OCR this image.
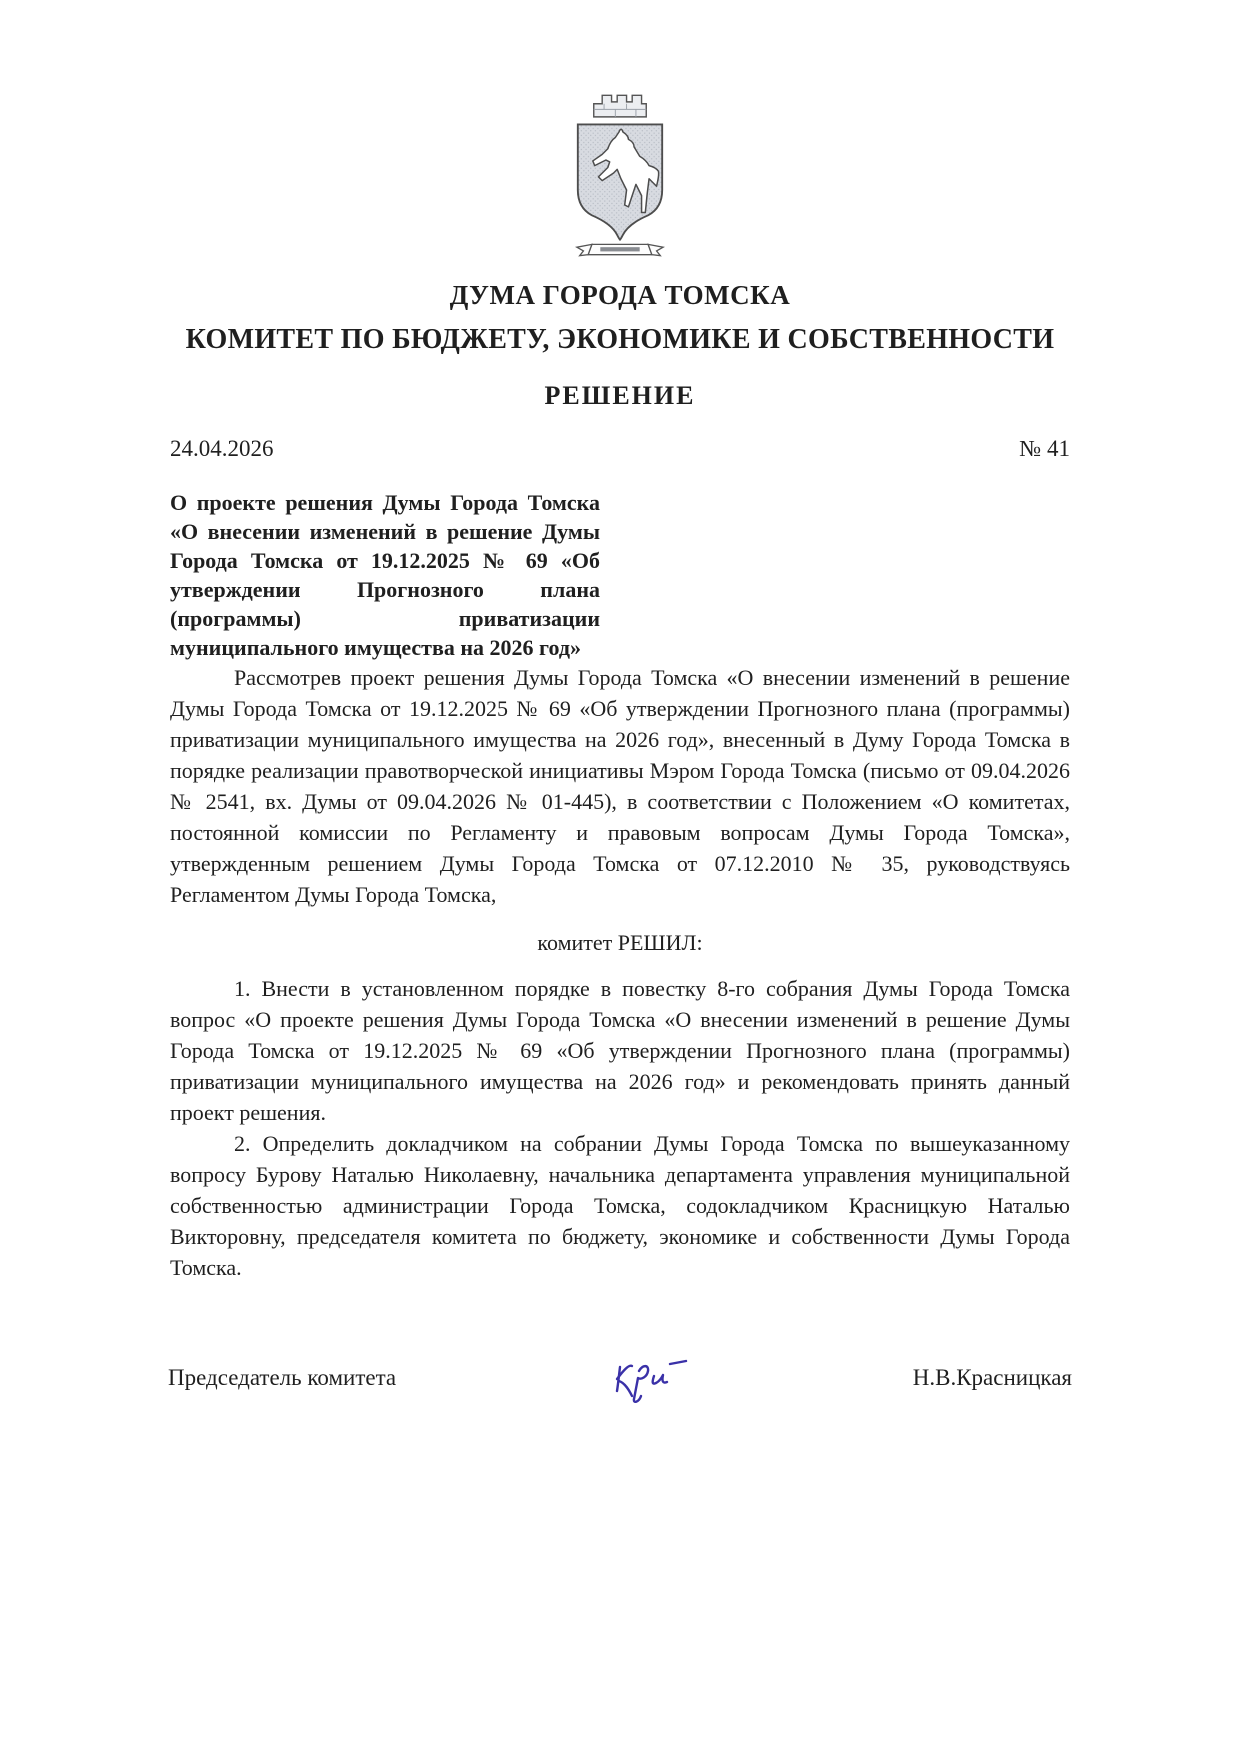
ДУМА ГОРОДА ТОМСКА
КОМИТЕТ ПО БЮДЖЕТУ, ЭКОНОМИКЕ И СОБСТВЕННОСТИ
РЕШЕНИЕ
24.04.2026	№ 41
О проекте решения Думы Города Томска «О внесении изменений в решение Думы Города Томска от 19.12.2025 № 69 «Об утверждении Прогнозного плана (программы) приватизации муниципального имущества на 2026 год»

Рассмотрев проект решения Думы Города Томска «О внесении изменений в решение Думы Города Томска от 19.12.2025 № 69 «Об утверждении Прогнозного плана (программы) приватизации муниципального имущества на 2026 год», внесенный в Думу Города Томска в порядке реализации правотворческой инициативы Мэром Города Томска (письмо от 09.04.2026 № 2541, вх. Думы от 09.04.2026 № 01-445), в соответствии с Положением «О комитетах, постоянной комиссии по Регламенту и правовым вопросам Думы Города Томска», утвержденным решением Думы Города Томска от 07.12.2010 № 35, руководствуясь Регламентом Думы Города Томска,

комитет РЕШИЛ:

1. Внести в установленном порядке в повестку 8-го собрания Думы Города Томска вопрос «О проекте решения Думы Города Томска «О внесении изменений в решение Думы Города Томска от 19.12.2025 № 69 «Об утверждении Прогнозного плана (программы) приватизации муниципального имущества на 2026 год» и рекомендовать принять данный проект решения.

2. Определить докладчиком на собрании Думы Города Томска по вышеуказанному вопросу Бурову Наталью Николаевну, начальника департамента управления муниципальной собственностью администрации Города Томска, содокладчиком Красницкую Наталью Викторовну, председателя комитета по бюджету, экономике и собственности Думы Города Томска.

Председатель комитета	Н.В.Красницкая
